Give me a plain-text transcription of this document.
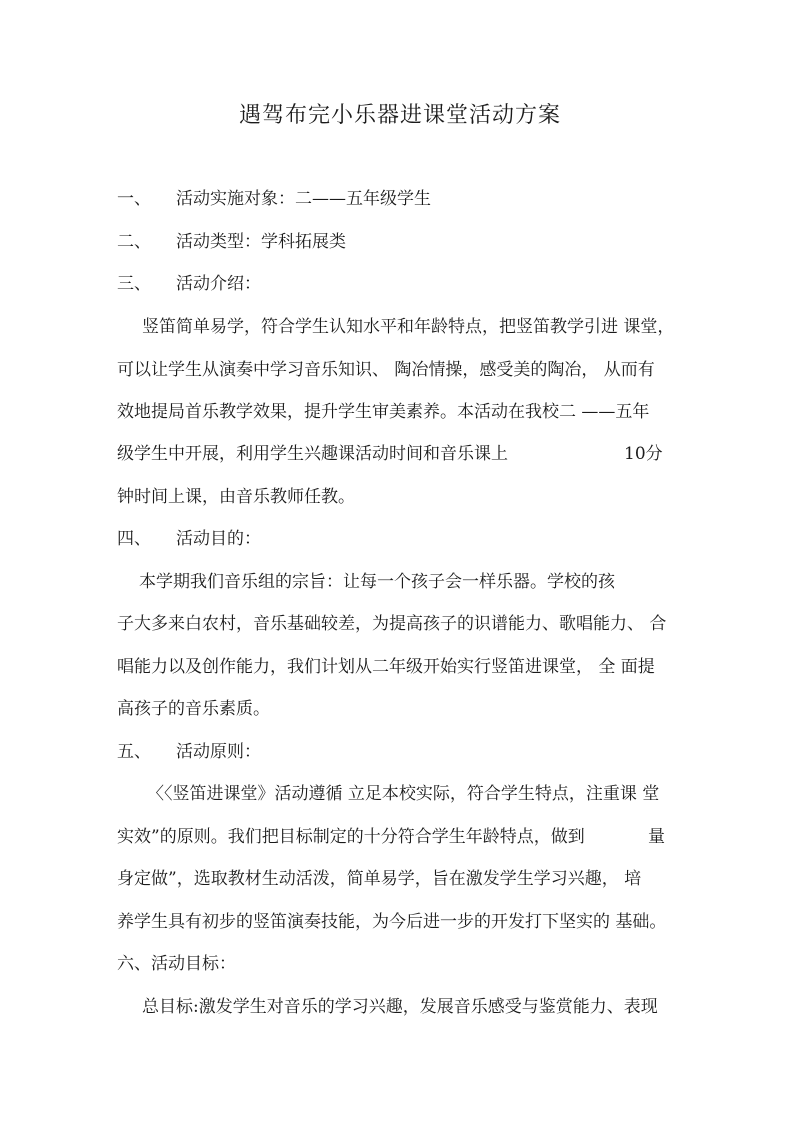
遇驾布完小乐器进课堂活动方案
一、 活动实施对象：二——五年级学生
二、 活动类型：学科拓展类
三、 活动介绍：
竖笛简单易学，符合学生认知水平和年龄特点，把竖笛教学引进 课堂，
可以让学生从演奏中学习音乐知识、 陶冶情操，感受美的陶冶， 从而有
效地提局首乐教学效果，提升学生审美素养。本活动在我校二 ——五年
级学生中开展，利用学生兴趣课活动时间和音乐课上	10分
钟时间上课，由音乐教师任教。
四、 活动目的：
本学期我们音乐组的宗旨：让每一个孩子会一样乐器。学校的孩
子大多来白农村，音乐基础较差，为提高孩子的识谱能力、歌唱能力、 合
唱能力以及创作能力，我们计划从二年级开始实行竖笛进课堂， 全 面提
高孩子的音乐素质。
五、 活动原则：
〈〈竖笛进课堂》活动遵循 立足本校实际，符合学生特点，注重课 堂
实效”的原则。我们把目标制定的十分符合学生年龄特点，做到	量
身定做”，选取教材生动活泼，简单易学，旨在激发学生学习兴趣， 培
养学生具有初步的竖笛演奏技能，为今后进一步的开发打下坚实的 基础。
六、活动目标：
总目标:激发学生对音乐的学习兴趣，发展音乐感受与鉴赏能力、表现
